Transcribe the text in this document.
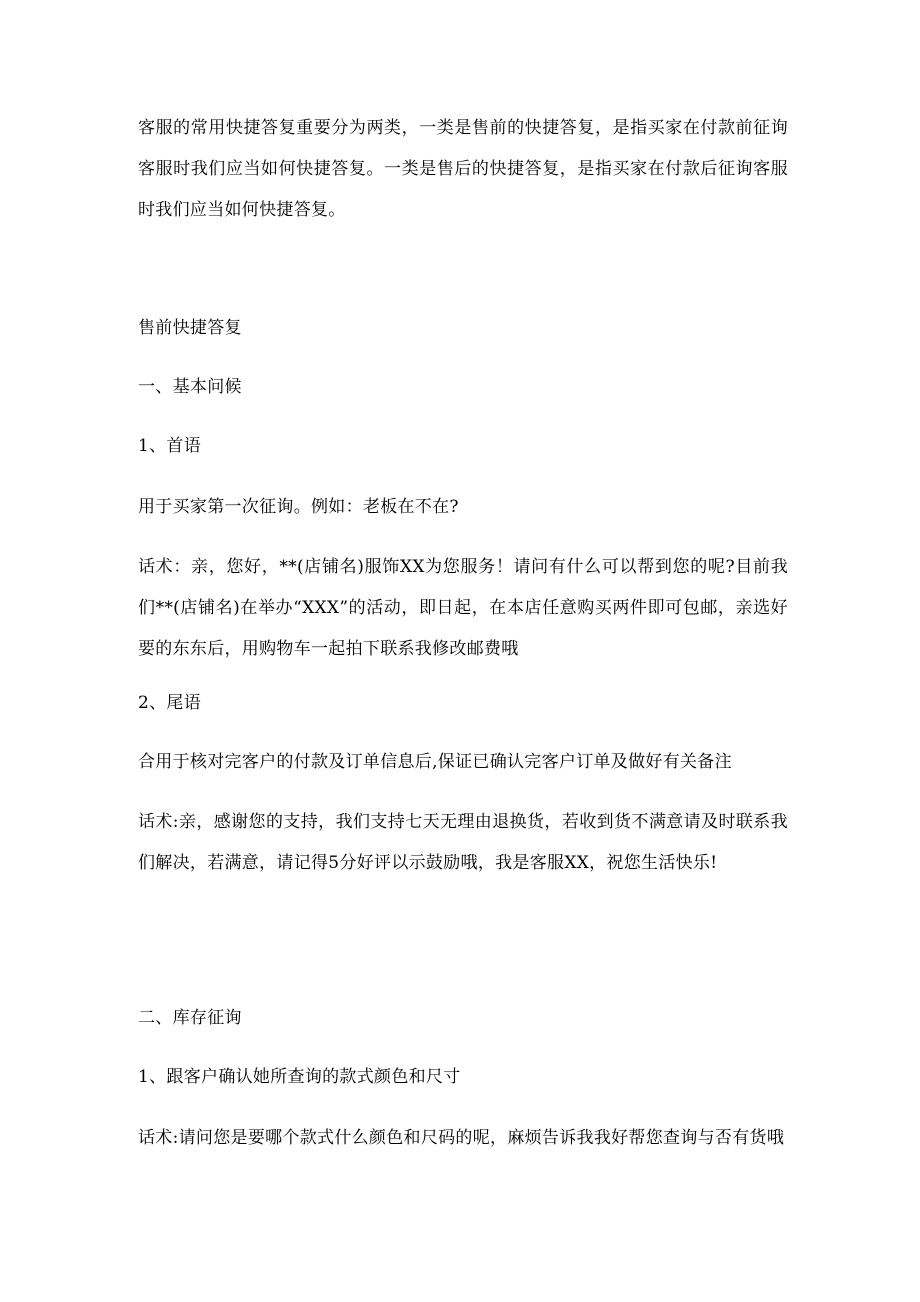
客服的常用快捷答复重要分为两类，一类是售前的快捷答复，是指买家在付款前征询客服时我们应当如何快捷答复。一类是售后的快捷答复，是指买家在付款后征询客服时我们应当如何快捷答复。

售前快捷答复

一、基本问候

1、首语

用于买家第一次征询。例如：老板在不在?

话术：亲，您好，**(店铺名)服饰XX为您服务！请问有什么可以帮到您的呢?目前我们**(店铺名)在举办“XXX”的活动，即日起，在本店任意购买两件即可包邮，亲选好要的东东后，用购物车一起拍下联系我修改邮费哦

2、尾语

合用于核对完客户的付款及订单信息后,保证已确认完客户订单及做好有关备注

话术:亲，感谢您的支持，我们支持七天无理由退换货，若收到货不满意请及时联系我们解决，若满意，请记得5分好评以示鼓励哦，我是客服XX，祝您生活快乐!

二、库存征询

1、跟客户确认她所查询的款式颜色和尺寸

话术:请问您是要哪个款式什么颜色和尺码的呢，麻烦告诉我我好帮您查询与否有货哦
